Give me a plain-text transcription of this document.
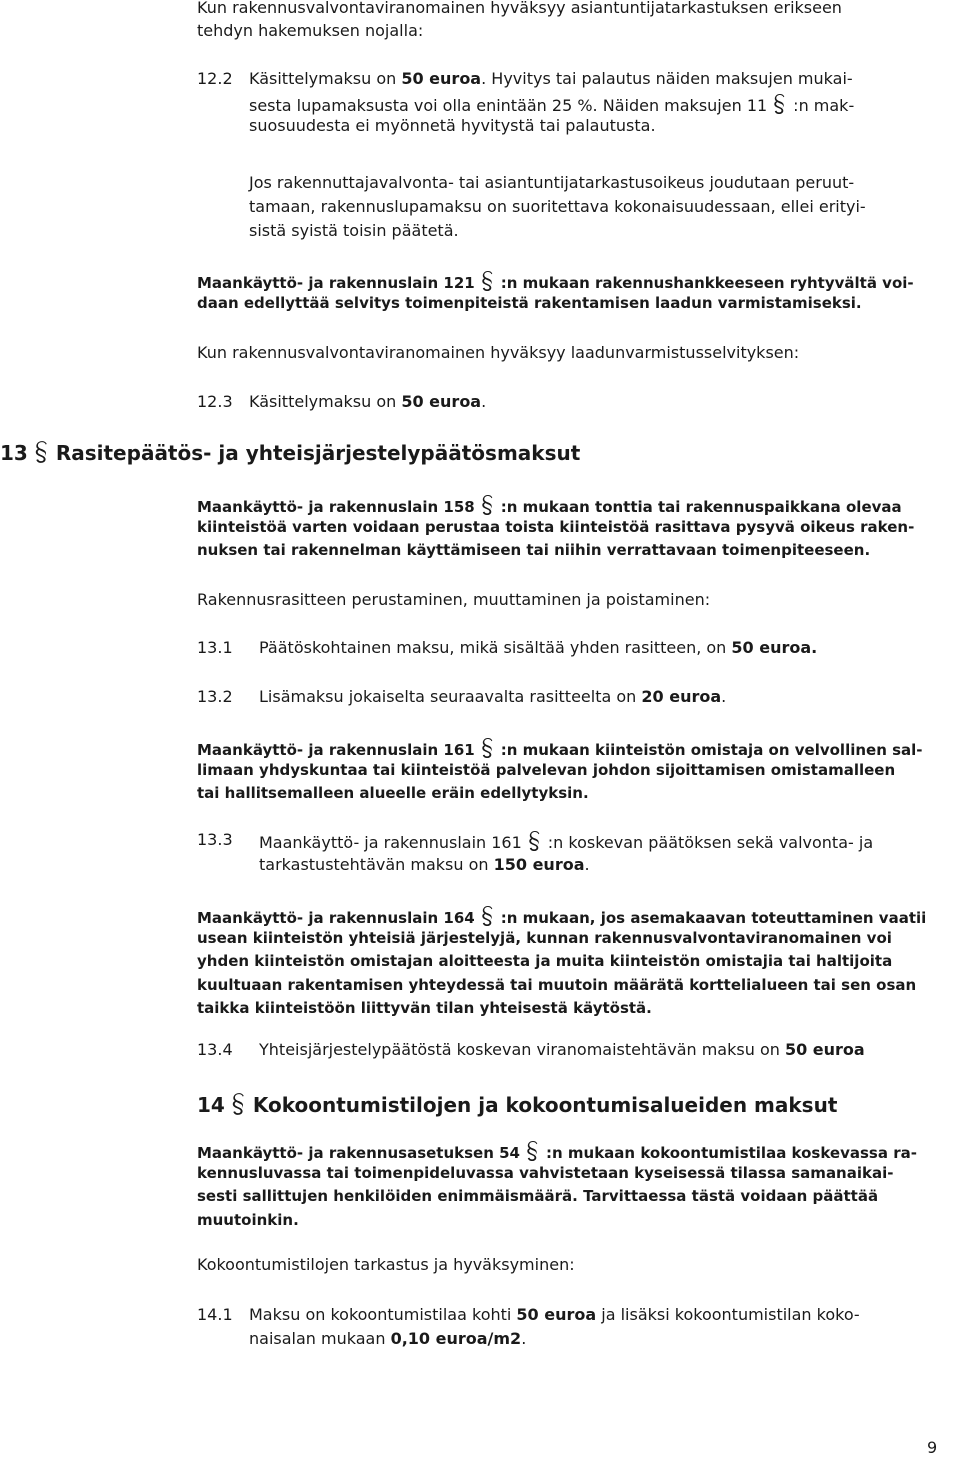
Kun rakennusvalvontaviranomainen hyväksyy asiantuntijatarkastuksen erikseen
tehdyn hakemuksen nojalla:
12.2 Käsittelymaksu on 50 euroa. Hyvitys tai palautus näiden maksujen mukai-
sesta lupamaksusta voi olla enintään 25 %. Näiden maksujen 11 :n mak-
suosuudesta ei myönnetä hyvitystä tai palautusta.
Jos rakennuttajavalvonta- tai asiantuntijatarkastusoikeus joudutaan peruut-
tamaan, rakennuslupamaksu on suoritettava kokonaisuudessaan, ellei erityi-
sistä syistä toisin päätetä.
Maankäyttö- ja rakennuslain 121 :n mukaan rakennushankkeeseen ryhtyvältä voi-
daan edellyttää selvitys toimenpiteistä rakentamisen laadun varmistamiseksi.
Kun rakennusvalvontaviranomainen hyväksyy laadunvarmistusselvityksen:
12.3 Käsittelymaksu on 50 euroa.
13 Rasitepäätös- ja yhteisjärjestelypäätösmaksut
Maankäyttö- ja rakennuslain 158 :n mukaan tonttia tai rakennuspaikkana olevaa
kiinteistöä varten voidaan perustaa toista kiinteistöä rasittava pysyvä oikeus raken-
nuksen tai rakennelman käyttämiseen tai niihin verrattavaan toimenpiteeseen.
Rakennusrasitteen perustaminen, muuttaminen ja poistaminen:
13.1 Päätöskohtainen maksu, mikä sisältää yhden rasitteen, on 50 euroa.
13.2 Lisämaksu jokaiselta seuraavalta rasitteelta on 20 euroa.
Maankäyttö- ja rakennuslain 161 :n mukaan kiinteistön omistaja on velvollinen sal-
limaan yhdyskuntaa tai kiinteistöä palvelevan johdon sijoittamisen omistamalleen
tai hallitsemalleen alueelle eräin edellytyksin.
13.3 Maankäyttö- ja rakennuslain 161 :n koskevan päätöksen sekä valvonta- ja
tarkastustehtävän maksu on 150 euroa.
Maankäyttö- ja rakennuslain 164 :n mukaan, jos asemakaavan toteuttaminen vaatii
usean kiinteistön yhteisiä järjestelyjä, kunnan rakennusvalvontaviranomainen voi
yhden kiinteistön omistajan aloitteesta ja muita kiinteistön omistajia tai haltijoita
kuultuaan rakentamisen yhteydessä tai muutoin määrätä korttelialueen tai sen osan
taikka kiinteistöön liittyvän tilan yhteisestä käytöstä.
13.4 Yhteisjärjestelypäätöstä koskevan viranomaistehtävän maksu on 50 euroa
14 Kokoontumistilojen ja kokoontumisalueiden maksut
Maankäyttö- ja rakennusasetuksen 54 :n mukaan kokoontumistilaa koskevassa ra-
kennusluvassa tai toimenpideluvassa vahvistetaan kyseisessä tilassa samanaikai-
sesti sallittujen henkilöiden enimmäismäärä. Tarvittaessa tästä voidaan päättää
muutoinkin.
Kokoontumistilojen tarkastus ja hyväksyminen:
14.1 Maksu on kokoontumistilaa kohti 50 euroa ja lisäksi kokoontumistilan koko-
naisalan mukaan 0,10 euroa/m2.
9
